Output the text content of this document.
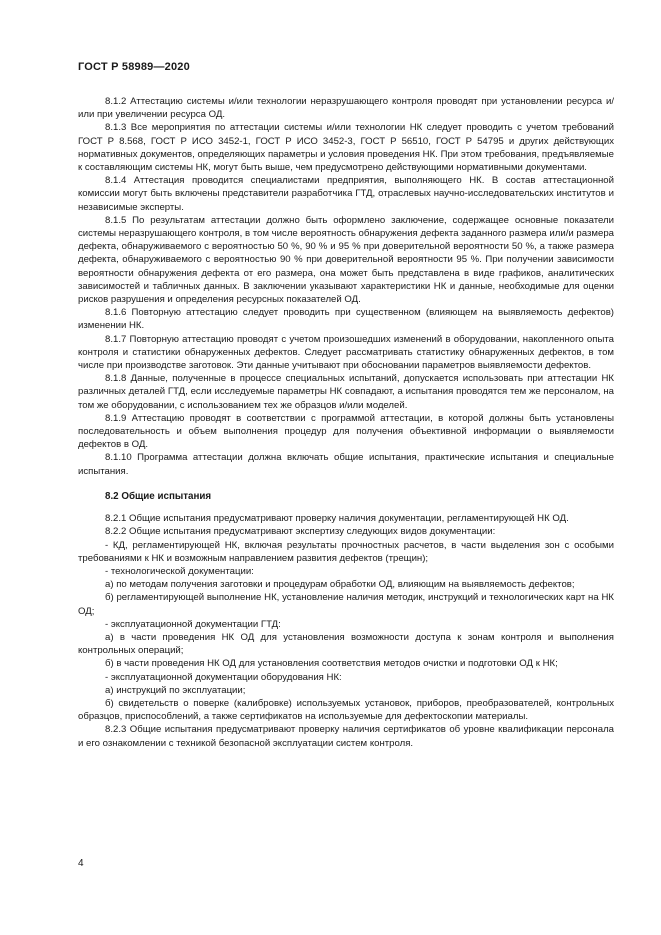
ГОСТ Р 58989—2020

8.1.2 Аттестацию системы и/или технологии неразрушающего контроля проводят при установлении ресурса и/или при увеличении ресурса ОД.

8.1.3 Все мероприятия по аттестации системы и/или технологии НК следует проводить с учетом требований ГОСТ Р 8.568, ГОСТ Р ИСО 3452-1, ГОСТ Р ИСО 3452-3, ГОСТ Р 56510, ГОСТ Р 54795 и других действующих нормативных документов, определяющих параметры и условия проведения НК. При этом требования, предъявляемые к составляющим системы НК, могут быть выше, чем предусмотрено действующими нормативными документами.

8.1.4 Аттестация проводится специалистами предприятия, выполняющего НК. В состав аттестационной комиссии могут быть включены представители разработчика ГТД, отраслевых научно-исследовательских институтов и независимые эксперты.

8.1.5 По результатам аттестации должно быть оформлено заключение, содержащее основные показатели системы неразрушающего контроля, в том числе вероятность обнаружения дефекта заданного размера или/и размера дефекта, обнаруживаемого с вероятностью 50 %, 90 % и 95 % при доверительной вероятности 50 %, а также размера дефекта, обнаруживаемого с вероятностью 90 % при доверительной вероятности 95 %. При получении зависимости вероятности обнаружения дефекта от его размера, она может быть представлена в виде графиков, аналитических зависимостей и табличных данных. В заключении указывают характеристики НК и данные, необходимые для оценки рисков разрушения и определения ресурсных показателей ОД.

8.1.6 Повторную аттестацию следует проводить при существенном (влияющем на выявляемость дефектов) изменении НК.

8.1.7 Повторную аттестацию проводят с учетом произошедших изменений в оборудовании, накопленного опыта контроля и статистики обнаруженных дефектов. Следует рассматривать статистику обнаруженных дефектов, в том числе при производстве заготовок. Эти данные учитывают при обосновании параметров выявляемости дефектов.

8.1.8 Данные, полученные в процессе специальных испытаний, допускается использовать при аттестации НК различных деталей ГТД, если исследуемые параметры НК совпадают, а испытания проводятся тем же персоналом, на том же оборудовании, с использованием тех же образцов и/или моделей.

8.1.9 Аттестацию проводят в соответствии с программой аттестации, в которой должны быть установлены последовательность и объем выполнения процедур для получения объективной информации о выявляемости дефектов в ОД.

8.1.10 Программа аттестации должна включать общие испытания, практические испытания и специальные испытания.

8.2 Общие испытания

8.2.1 Общие испытания предусматривают проверку наличия документации, регламентирующей НК ОД.

8.2.2 Общие испытания предусматривают экспертизу следующих видов документации:

- КД, регламентирующей НК, включая результаты прочностных расчетов, в части выделения зон с особыми требованиями к НК и возможным направлением развития дефектов (трещин);

- технологической документации:

а) по методам получения заготовки и процедурам обработки ОД, влияющим на выявляемость дефектов;

б) регламентирующей выполнение НК, установление наличия методик, инструкций и технологических карт на НК ОД;

- эксплуатационной документации ГТД:

а) в части проведения НК ОД для установления возможности доступа к зонам контроля и выполнения контрольных операций;

б) в части проведения НК ОД для установления соответствия методов очистки и подготовки ОД к НК;

- эксплуатационной документации оборудования НК:

а) инструкций по эксплуатации;

б) свидетельств о поверке (калибровке) используемых установок, приборов, преобразователей, контрольных образцов, приспособлений, а также сертификатов на используемые для дефектоскопии материалы.

8.2.3 Общие испытания предусматривают проверку наличия сертификатов об уровне квалификации персонала и его ознакомлении с техникой безопасной эксплуатации систем контроля.

4
